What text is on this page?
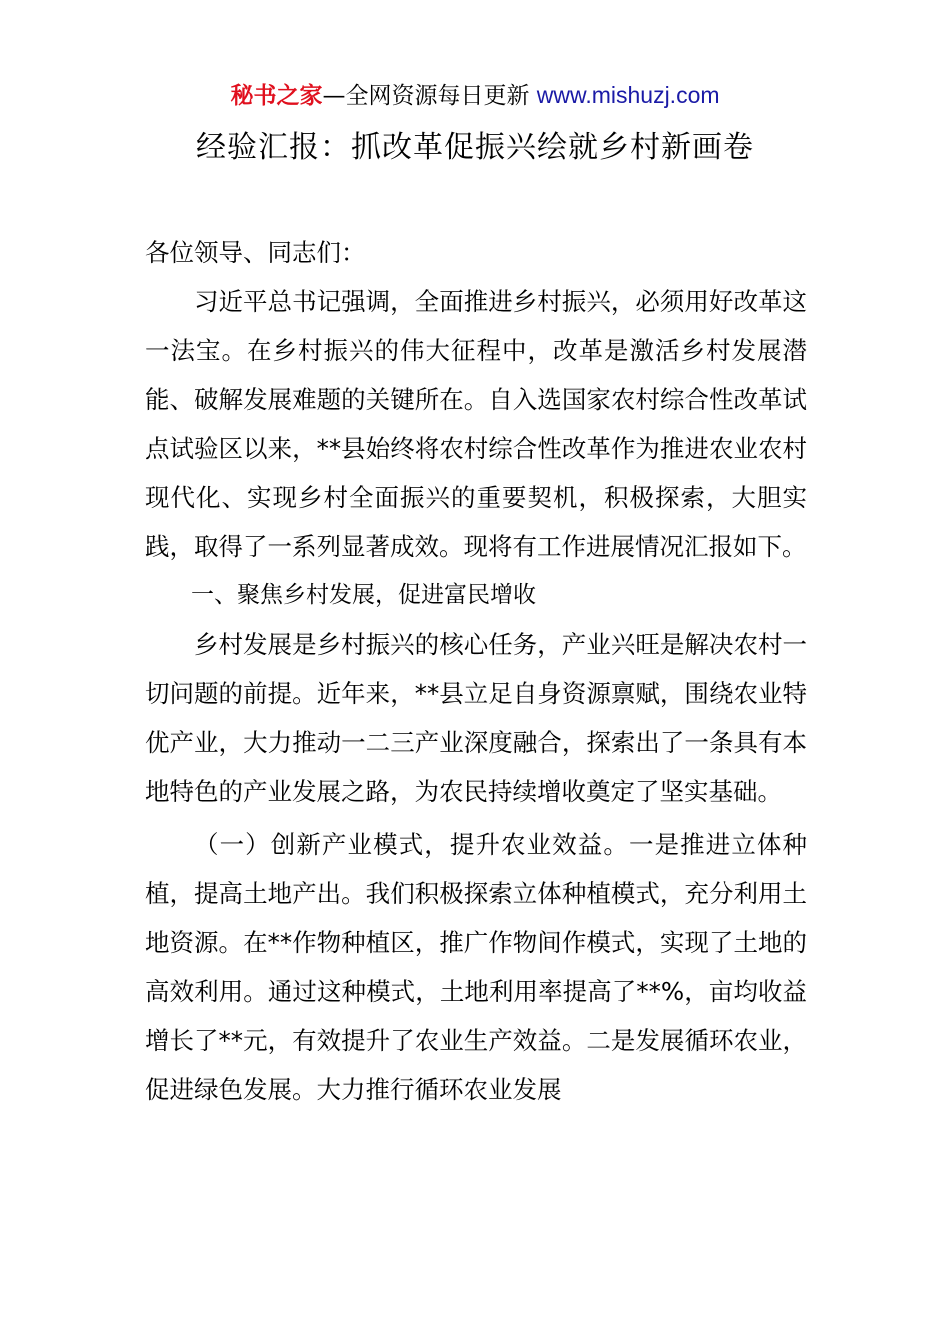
秘书之家—全网资源每日更新 www.mishuzj.com
经验汇报：抓改革促振兴绘就乡村新画卷

各位领导、同志们：

习近平总书记强调，全面推进乡村振兴，必须用好改革这一法宝。在乡村振兴的伟大征程中，改革是激活乡村发展潜能、破解发展难题的关键所在。自入选国家农村综合性改革试点试验区以来，**县始终将农村综合性改革作为推进农业农村现代化、实现乡村全面振兴的重要契机，积极探索，大胆实践，取得了一系列显著成效。现将有工作进展情况汇报如下。

一、聚焦乡村发展，促进富民增收

乡村发展是乡村振兴的核心任务，产业兴旺是解决农村一切问题的前提。近年来，**县立足自身资源禀赋，围绕农业特优产业，大力推动一二三产业深度融合，探索出了一条具有本地特色的产业发展之路，为农民持续增收奠定了坚实基础。

（一）创新产业模式，提升农业效益。一是推进立体种植，提高土地产出。我们积极探索立体种植模式，充分利用土地资源。在**作物种植区，推广作物间作模式，实现了土地的高效利用。通过这种模式，土地利用率提高了**%，亩均收益增长了**元，有效提升了农业生产效益。二是发展循环农业，促进绿色发展。大力推行循环农业发展
